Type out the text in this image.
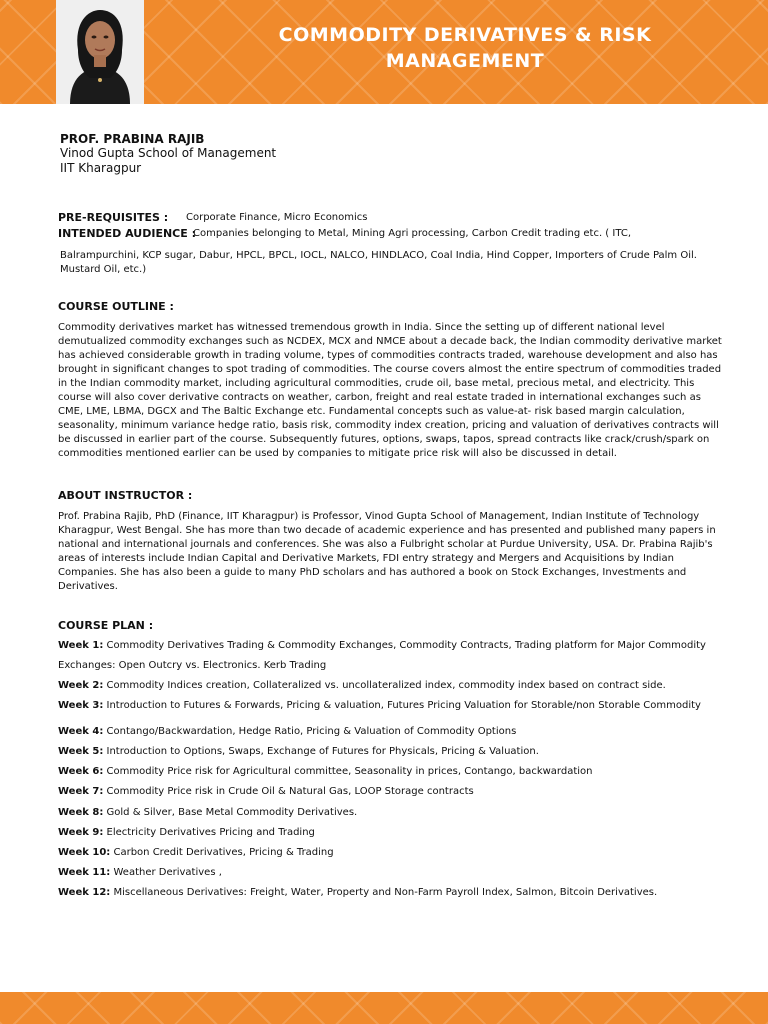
COMMODITY DERIVATIVES & RISK MANAGEMENT
PROF. PRABINA RAJIB
Vinod Gupta School of Management
IIT Kharagpur
PRE-REQUISITES : Corporate Finance, Micro Economics
INTENDED AUDIENCE :
Companies belonging to Metal, Mining Agri processing, Carbon Credit trading etc. ( ITC,
Balrampurchini, KCP sugar, Dabur, HPCL, BPCL, IOCL, NALCO, HINDLACO, Coal India, Hind Copper, Importers of Crude Palm Oil.
Mustard Oil, etc.)
COURSE OUTLINE :

Commodity derivatives market has witnessed tremendous growth in India. Since the setting up of different national level demutualized commodity exchanges such as NCDEX, MCX and NMCE about a decade back, the Indian commodity derivative market has achieved considerable growth in trading volume, types of commodities contracts traded, warehouse development and also has brought in significant changes to spot trading of commodities. The course covers almost the entire spectrum of commodities traded in the Indian commodity market, including agricultural commodities, crude oil, base metal, precious metal, and electricity. This course will also cover derivative contracts on weather, carbon, freight and real estate traded in international exchanges such as CME, LME, LBMA, DGCX and The Baltic Exchange etc. Fundamental concepts such as value-at- risk based margin calculation, seasonality, minimum variance hedge ratio, basis risk, commodity index creation, pricing and valuation of derivatives contracts will be discussed in earlier part of the course. Subsequently futures, options, swaps, tapos, spread contracts like crack/crush/spark on commodities mentioned earlier can be used by companies to mitigate price risk will also be discussed in detail.

ABOUT INSTRUCTOR :

Prof. Prabina Rajib, PhD (Finance, IIT Kharagpur) is Professor, Vinod Gupta School of Management, Indian Institute of Technology Kharagpur, West Bengal. She has more than two decade of academic experience and has presented and published many papers in national and international journals and conferences. She was also a Fulbright scholar at Purdue University, USA. Dr. Prabina Rajib's areas of interests include Indian Capital and Derivative Markets, FDI entry strategy and Mergers and Acquisitions by Indian Companies. She has also been a guide to many PhD scholars and has authored a book on Stock Exchanges, Investments and Derivatives.

COURSE PLAN :
Week 1: Commodity Derivatives Trading & Commodity Exchanges, Commodity Contracts, Trading platform for Major Commodity Exchanges: Open Outcry vs. Electronics. Kerb Trading
Week 2: Commodity Indices creation, Collateralized vs. uncollateralized index, commodity index based on contract side.
Week 3: Introduction to Futures & Forwards, Pricing & valuation, Futures Pricing Valuation for Storable/non Storable Commodity
Week 4: Contango/Backwardation, Hedge Ratio, Pricing & Valuation of Commodity Options
Week 5: Introduction to Options, Swaps, Exchange of Futures for Physicals, Pricing & Valuation.
Week 6: Commodity Price risk for Agricultural committee, Seasonality in prices, Contango, backwardation
Week 7: Commodity Price risk in Crude Oil & Natural Gas, LOOP Storage contracts
Week 8: Gold & Silver, Base Metal Commodity Derivatives.
Week 9: Electricity Derivatives Pricing and Trading
Week 10: Carbon Credit Derivatives, Pricing & Trading
Week 11: Weather Derivatives ,
Week 12: Miscellaneous Derivatives: Freight, Water, Property and Non-Farm Payroll Index, Salmon, Bitcoin Derivatives.
